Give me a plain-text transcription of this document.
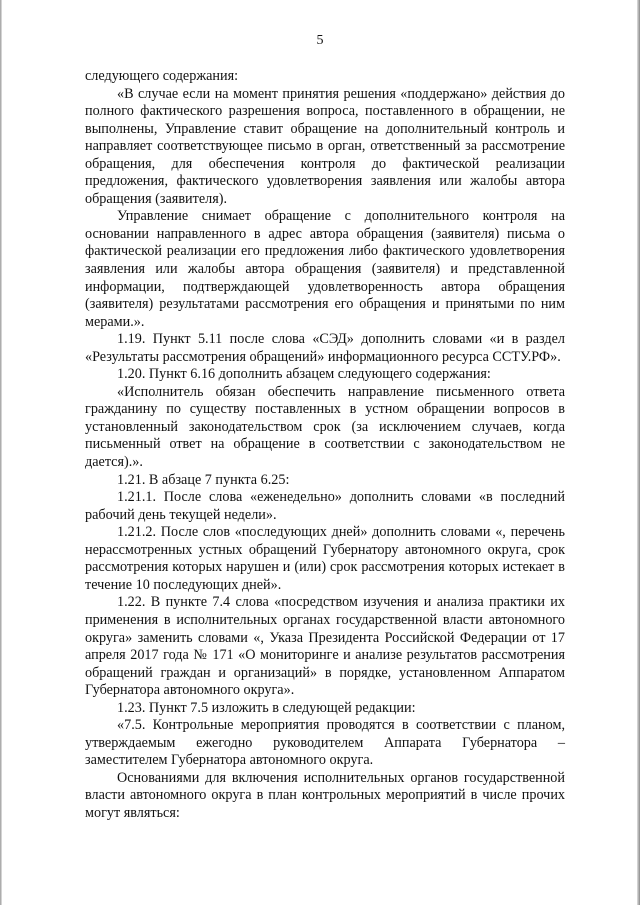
5

следующего содержания:

«В случае если на момент принятия решения «поддержано» действия до полного фактического разрешения вопроса, поставленного в обращении, не выполнены, Управление ставит обращение на дополнительный контроль и направляет соответствующее письмо в орган, ответственный за рассмотрение обращения, для обеспечения контроля до фактической реализации предложения, фактического удовлетворения заявления или жалобы автора обращения (заявителя).

Управление снимает обращение с дополнительного контроля на основании направленного в адрес автора обращения (заявителя) письма о фактической реализации его предложения либо фактического удовлетворения заявления или жалобы автора обращения (заявителя) и представленной информации, подтверждающей удовлетворенность автора обращения (заявителя) результатами рассмотрения его обращения и принятыми по ним мерами.».

1.19. Пункт 5.11 после слова «СЭД» дополнить словами «и в раздел «Результаты рассмотрения обращений» информационного ресурса ССТУ.РФ».

1.20. Пункт 6.16 дополнить абзацем следующего содержания:

«Исполнитель обязан обеспечить направление письменного ответа гражданину по существу поставленных в устном обращении вопросов в установленный законодательством срок (за исключением случаев, когда письменный ответ на обращение в соответствии с законодательством не дается).».

1.21. В абзаце 7 пункта 6.25:

1.21.1. После слова «еженедельно» дополнить словами «в последний рабочий день текущей недели».

1.21.2. После слов «последующих дней» дополнить словами «, перечень нерассмотренных устных обращений Губернатору автономного округа, срок рассмотрения которых нарушен и (или) срок рассмотрения которых истекает в течение 10 последующих дней».

1.22. В пункте 7.4 слова «посредством изучения и анализа практики их применения в исполнительных органах государственной власти автономного округа» заменить словами «, Указа Президента Российской Федерации от 17 апреля 2017 года № 171 «О мониторинге и анализе результатов рассмотрения обращений граждан и организаций» в порядке, установленном Аппаратом Губернатора автономного округа».

1.23. Пункт 7.5 изложить в следующей редакции:

«7.5. Контрольные мероприятия проводятся в соответствии с планом, утверждаемым ежегодно руководителем Аппарата Губернатора – заместителем Губернатора автономного округа.

Основаниями для включения исполнительных органов государственной власти автономного округа в план контрольных мероприятий в числе прочих могут являться:
